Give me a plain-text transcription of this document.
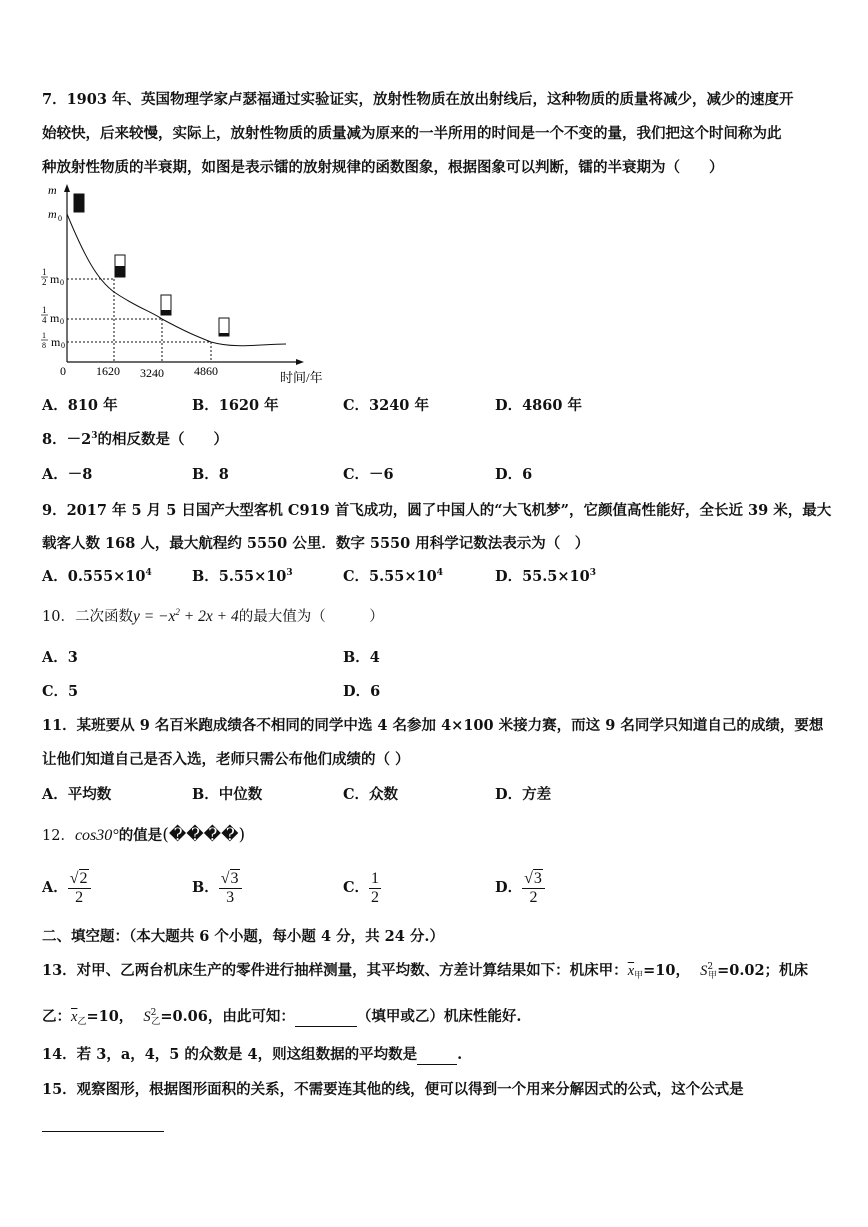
7．1903 年、英国物理学家卢瑟福通过实验证实，放射性物质在放出射线后，这种物质的质量将减少，减少的速度开
始较快，后来较慢，实际上，放射性物质的质量减为原来的一半所用的时间是一个不变的量，我们把这个时间称为此
种放射性物质的半衰期，如图是表示镭的放射规律的函数图象，根据图象可以判断，镭的半衰期为（　　）
m
m 0
1
2 m 0
1
4 m 0
1
8 m 0
0	1620 3240	4860	时间/年
A．810 年	B．1620 年	C．3240 年	D．4860 年
8．$-2^3$的相反数是（　　）
A．－8	B．8	C．－6	D．6
9．2017 年 5 月 5 日国产大型客机 C919 首飞成功，圆了中国人的“大飞机梦”，它颜值高性能好，全长近 39 米，最大
载客人数 168 人，最大航程约 5550 公里．数字 5550 用科学记数法表示为（　）
A．$0.555\times 10^4$	B．$5.55\times 10^3$	C．$5.55\times 10^4$	D．$55.5\times 10^3$
10．二次函数$y = -x^2 + 2x + 4$的最大值为（　　　）
A．3	B．4
C．5	D．6
11．某班要从 9 名百米跑成绩各不相同的同学中选 4 名参加 4×100 米接力赛，而这 9 名同学只知道自己的成绩，要想
让他们知道自己是否入选，老师只需公布他们成绩的（ ）
A．平均数	B．中位数	C．众数	D．方差
12．cos30°的值是(����)
A． $\frac{√2}{2}$	B． $\frac{√3}{3}$	C． $\frac{1}{2}$	D． $\frac{√3}{2}$
二、填空题：（本大题共 6 个小题，每小题 4 分，共 24 分.）
13．对甲、乙两台机床生产的零件进行抽样测量，其平均数、方差计算结果如下：机床甲：$\overline{x}_甲=10$， $S^2_甲=0.02$；机床
乙：$\overline{x}_乙=10$， $S^2_乙=0.06$，由此可知：	（填甲或乙）机床性能好.
14．若 3，a，4，5 的众数是 4，则这组数据的平均数是	.
15．观察图形，根据图形面积的关系，不需要连其他的线，便可以得到一个用来分解因式的公式，这个公式是
